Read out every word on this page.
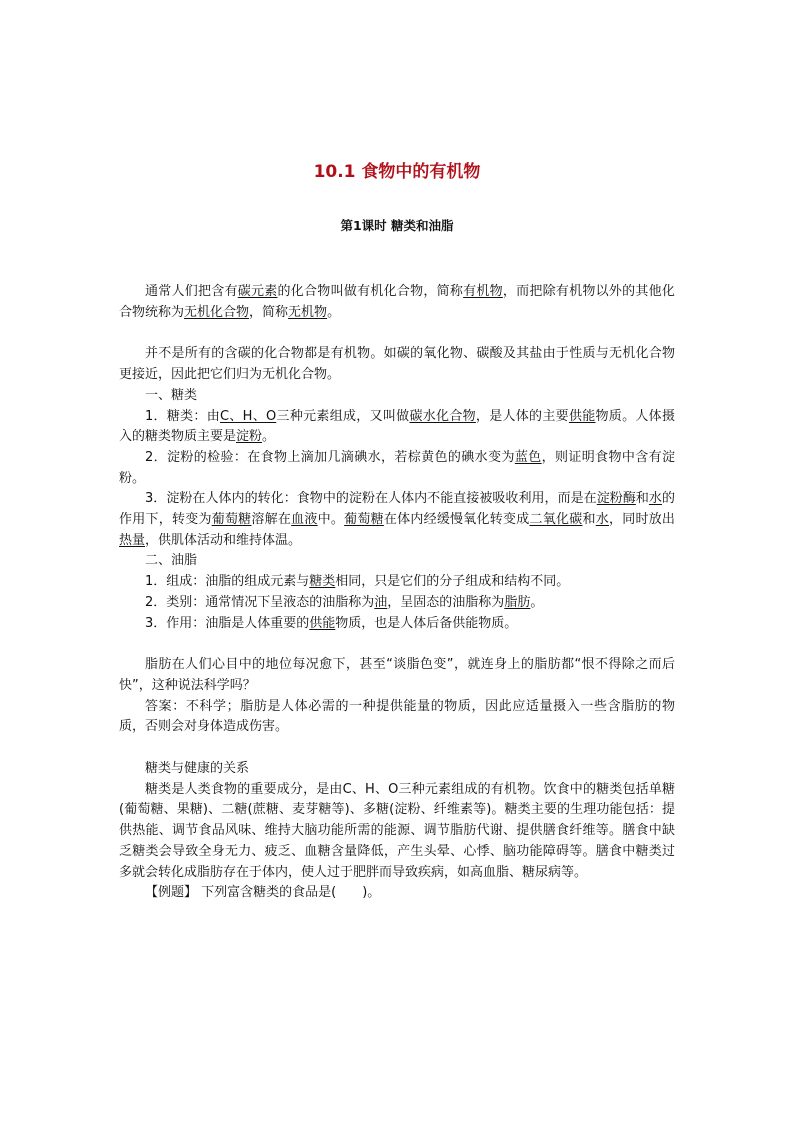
10.1 食物中的有机物
第1课时 糖类和油脂

通常人们把含有碳元素的化合物叫做有机化合物，简称有机物，而把除有机物以外的其他化合物统称为无机化合物，简称无机物。

并不是所有的含碳的化合物都是有机物。如碳的氧化物、碳酸及其盐由于性质与无机化合物更接近，因此把它们归为无机化合物。

一、糖类

1．糖类：由C、H、O三种元素组成，又叫做碳水化合物，是人体的主要供能物质。人体摄入的糖类物质主要是淀粉。

2．淀粉的检验：在食物上滴加几滴碘水，若棕黄色的碘水变为蓝色，则证明食物中含有淀粉。

3．淀粉在人体内的转化：食物中的淀粉在人体内不能直接被吸收利用，而是在淀粉酶和水的作用下，转变为葡萄糖溶解在血液中。葡萄糖在体内经缓慢氧化转变成二氧化碳和水，同时放出热量，供肌体活动和维持体温。

二、油脂

1．组成：油脂的组成元素与糖类相同，只是它们的分子组成和结构不同。

2．类别：通常情况下呈液态的油脂称为油，呈固态的油脂称为脂肪。

3．作用：油脂是人体重要的供能物质，也是人体后备供能物质。

脂肪在人们心目中的地位每况愈下，甚至“谈脂色变”，就连身上的脂肪都“恨不得除之而后快”，这种说法科学吗？

答案：不科学；脂肪是人体必需的一种提供能量的物质，因此应适量摄入一些含脂肪的物质，否则会对身体造成伤害。

糖类与健康的关系

糖类是人类食物的重要成分，是由C、H、O三种元素组成的有机物。饮食中的糖类包括单糖(葡萄糖、果糖)、二糖(蔗糖、麦芽糖等)、多糖(淀粉、纤维素等)。糖类主要的生理功能包括：提供热能、调节食品风味、维持大脑功能所需的能源、调节脂肪代谢、提供膳食纤维等。膳食中缺乏糖类会导致全身无力、疲乏、血糖含量降低，产生头晕、心悸、脑功能障碍等。膳食中糖类过多就会转化成脂肪存在于体内，使人过于肥胖而导致疾病，如高血脂、糖尿病等。

【例题】 下列富含糖类的食品是(　　)。
